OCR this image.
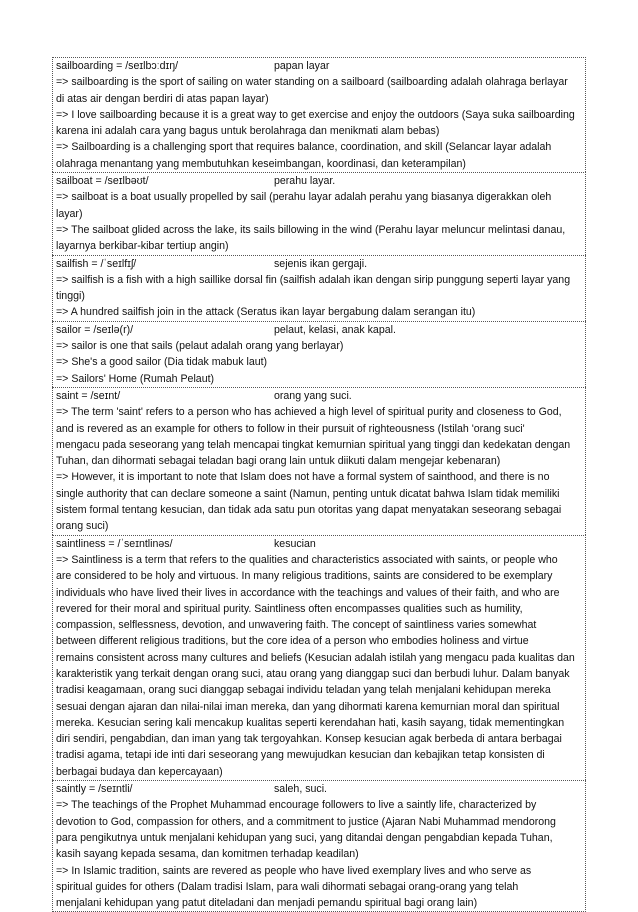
sailboarding = /seɪlbɔːdɪŋ/	papan layar
=> sailboarding is the sport of sailing on water standing on a sailboard (sailboarding adalah olahraga berlayar
di atas air dengan berdiri di atas papan layar)
=> I love sailboarding because it is a great way to get exercise and enjoy the outdoors (Saya suka sailboarding
karena ini adalah cara yang bagus untuk berolahraga dan menikmati alam bebas)
=> Sailboarding is a challenging sport that requires balance, coordination, and skill (Selancar layar adalah
olahraga menantang yang membutuhkan keseimbangan, koordinasi, dan keterampilan)
sailboat = /seɪlbəʊt/	perahu layar.
=> sailboat is a boat usually propelled by sail (perahu layar adalah perahu yang biasanya digerakkan oleh
layar)
=> The sailboat glided across the lake, its sails billowing in the wind (Perahu layar meluncur melintasi danau,
layarnya berkibar-kibar tertiup angin)
sailfish = /ˈseɪlfɪʃ/	sejenis ikan gergaji.
=> sailfish is a fish with a high saillike dorsal fin (sailfish adalah ikan dengan sirip punggung seperti layar yang
tinggi)
=> A hundred sailfish join in the attack (Seratus ikan layar bergabung dalam serangan itu)
sailor = /seɪlə(r)/	pelaut, kelasi, anak kapal.
=> sailor is one that sails (pelaut adalah orang yang berlayar)
=> She's a good sailor (Dia tidak mabuk laut)
=> Sailors' Home (Rumah Pelaut)
saint = /seɪnt/	orang yang suci.
=> The term 'saint' refers to a person who has achieved a high level of spiritual purity and closeness to God,
and is revered as an example for others to follow in their pursuit of righteousness (Istilah 'orang suci'
mengacu pada seseorang yang telah mencapai tingkat kemurnian spiritual yang tinggi dan kedekatan dengan
Tuhan, dan dihormati sebagai teladan bagi orang lain untuk diikuti dalam mengejar kebenaran)
=> However, it is important to note that Islam does not have a formal system of sainthood, and there is no
single authority that can declare someone a saint (Namun, penting untuk dicatat bahwa Islam tidak memiliki
sistem formal tentang kesucian, dan tidak ada satu pun otoritas yang dapat menyatakan seseorang sebagai
orang suci)
saintliness = /ˈseɪntlinəs/	kesucian
=> Saintliness is a term that refers to the qualities and characteristics associated with saints, or people who
are considered to be holy and virtuous. In many religious traditions, saints are considered to be exemplary
individuals who have lived their lives in accordance with the teachings and values of their faith, and who are
revered for their moral and spiritual purity. Saintliness often encompasses qualities such as humility,
compassion, selflessness, devotion, and unwavering faith. The concept of saintliness varies somewhat
between different religious traditions, but the core idea of a person who embodies holiness and virtue
remains consistent across many cultures and beliefs (Kesucian adalah istilah yang mengacu pada kualitas dan
karakteristik yang terkait dengan orang suci, atau orang yang dianggap suci dan berbudi luhur. Dalam banyak
tradisi keagamaan, orang suci dianggap sebagai individu teladan yang telah menjalani kehidupan mereka
sesuai dengan ajaran dan nilai-nilai iman mereka, dan yang dihormati karena kemurnian moral dan spiritual
mereka. Kesucian sering kali mencakup kualitas seperti kerendahan hati, kasih sayang, tidak mementingkan
diri sendiri, pengabdian, dan iman yang tak tergoyahkan. Konsep kesucian agak berbeda di antara berbagai
tradisi agama, tetapi ide inti dari seseorang yang mewujudkan kesucian dan kebajikan tetap konsisten di
berbagai budaya dan kepercayaan)
saintly = /seɪntli/	saleh, suci.
=> The teachings of the Prophet Muhammad encourage followers to live a saintly life, characterized by
devotion to God, compassion for others, and a commitment to justice (Ajaran Nabi Muhammad mendorong
para pengikutnya untuk menjalani kehidupan yang suci, yang ditandai dengan pengabdian kepada Tuhan,
kasih sayang kepada sesama, dan komitmen terhadap keadilan)
=> In Islamic tradition, saints are revered as people who have lived exemplary lives and who serve as
spiritual guides for others (Dalam tradisi Islam, para wali dihormati sebagai orang-orang yang telah
menjalani kehidupan yang patut diteladani dan menjadi pemandu spiritual bagi orang lain)
